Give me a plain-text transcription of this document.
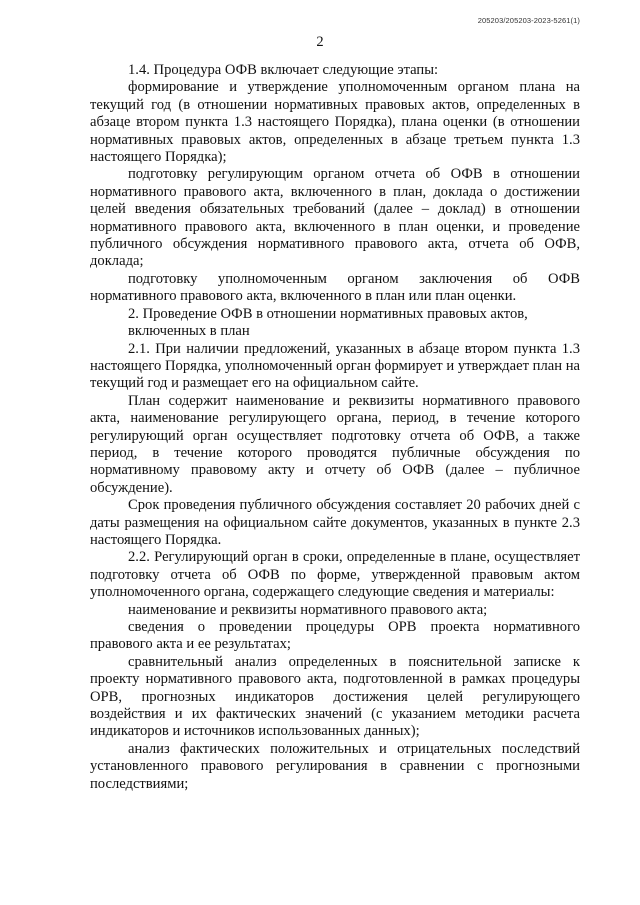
205203/205203-2023-5261(1)
2

1.4. Процедура ОФВ включает следующие этапы:

формирование и утверждение уполномоченным органом плана на текущий год (в отношении нормативных правовых актов, определенных в абзаце втором пункта 1.3 настоящего Порядка), плана оценки (в отношении нормативных правовых актов, определенных в абзаце третьем пункта 1.3 настоящего Порядка);

подготовку регулирующим органом отчета об ОФВ в отношении нормативного правового акта, включенного в план, доклада о достижении целей введения обязательных требований (далее – доклад) в отношении нормативного правового акта, включенного в план оценки, и проведение публичного обсуждения нормативного правового акта, отчета об ОФВ, доклада;

подготовку уполномоченным органом заключения об ОФВ нормативного правового акта, включенного в план или план оценки.

2. Проведение ОФВ в отношении нормативных правовых актов,
включенных в план

2.1. При наличии предложений, указанных в абзаце втором пункта 1.3 настоящего Порядка, уполномоченный орган формирует и утверждает план на текущий год и размещает его на официальном сайте.

План содержит наименование и реквизиты нормативного правового акта, наименование регулирующего органа, период, в течение которого регулирующий орган осуществляет подготовку отчета об ОФВ, а также период, в течение которого проводятся публичные обсуждения по нормативному правовому акту и отчету об ОФВ (далее – публичное обсуждение).

Срок проведения публичного обсуждения составляет 20 рабочих дней с даты размещения на официальном сайте документов, указанных в пункте 2.3 настоящего Порядка.

2.2. Регулирующий орган в сроки, определенные в плане, осуществляет подготовку отчета об ОФВ по форме, утвержденной правовым актом уполномоченного органа, содержащего следующие сведения и материалы:

наименование и реквизиты нормативного правового акта;

сведения о проведении процедуры ОРВ проекта нормативного правового акта и ее результатах;

сравнительный анализ определенных в пояснительной записке к проекту нормативного правового акта, подготовленной в рамках процедуры ОРВ, прогнозных индикаторов достижения целей регулирующего воздействия и их фактических значений (с указанием методики расчета индикаторов и источников использованных данных);

анализ фактических положительных и отрицательных последствий установленного правового регулирования в сравнении с прогнозными последствиями;
